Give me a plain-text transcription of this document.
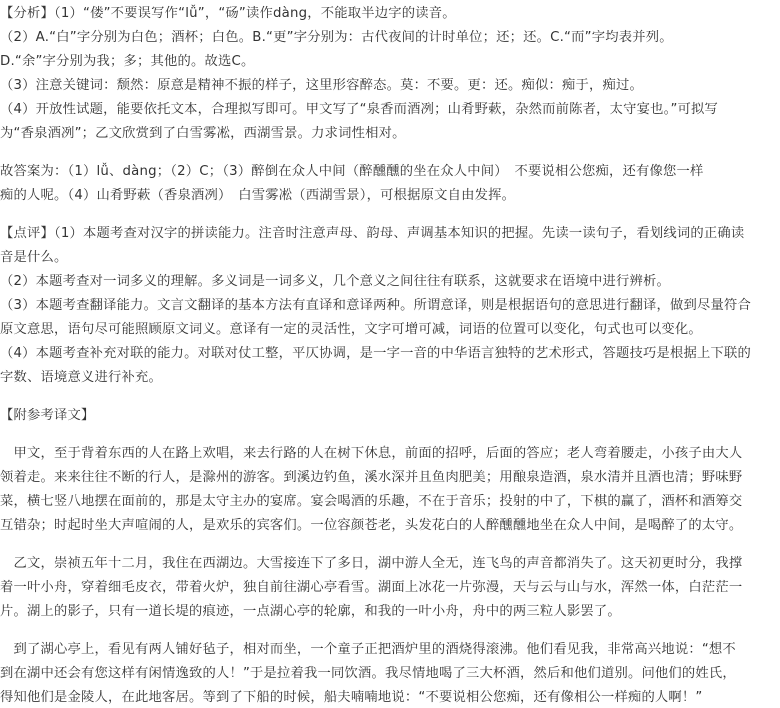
【分析】（1）“偻”不要误写作“lǚ”，“砀”读作dàng，不能取半边字的读音。
（2）A.“白”字分别为白色；酒杯；白色。B.“更”字分别为：古代夜间的计时单位；还；还。C.“而”字均表并列。
D.“余”字分别为我；多；其他的。故选C。
（3）注意关键词：颓然：原意是精神不振的样子，这里形容醉态。莫：不要。更：还。痴似：痴于，痴过。
（4）开放性试题，能要依托文本，合理拟写即可。甲文写了“泉香而酒冽；山肴野蔌，杂然而前陈者，太守宴也。”可拟写
为“香泉酒冽”；乙文欣赏到了白雪雾凇，西湖雪景。力求词性相对。
故答案为：（1）lǚ、dàng；（2）C；（3）醉倒在众人中间（醉醺醺的坐在众人中间）　不要说相公您痴，还有像您一样
痴的人呢。（4）山肴野蔌（香泉酒冽）　白雪雾凇（西湖雪景），可根据原文自由发挥。
【点评】（1）本题考查对汉字的拼读能力。注音时注意声母、韵母、声调基本知识的把握。先读一读句子，看划线词的正确读
音是什么。
（2）本题考查对一词多义的理解。多义词是一词多义，几个意义之间往往有联系，这就要求在语境中进行辨析。
（3）本题考查翻译能力。文言文翻译的基本方法有直译和意译两种。所谓意译，则是根据语句的意思进行翻译，做到尽量符合
原文意思，语句尽可能照顾原文词义。意译有一定的灵活性，文字可增可减，词语的位置可以变化，句式也可以变化。
（4）本题考查补充对联的能力。对联对仗工整，平仄协调，是一字一音的中华语言独特的艺术形式，答题技巧是根据上下联的
字数、语境意义进行补充。
【附参考译文】
　甲文，至于背着东西的人在路上欢唱，来去行路的人在树下休息，前面的招呼，后面的答应；老人弯着腰走，小孩子由大人
领着走。来来往往不断的行人，是滁州的游客。到溪边钓鱼，溪水深并且鱼肉肥美；用酿泉造酒，泉水清并且酒也清；野味野
菜，横七竖八地摆在面前的，那是太守主办的宴席。宴会喝酒的乐趣，不在于音乐；投射的中了，下棋的赢了，酒杯和酒筹交
互错杂；时起时坐大声喧闹的人，是欢乐的宾客们。一位容颜苍老，头发花白的人醉醺醺地坐在众人中间，是喝醉了的太守。
　乙文，崇祯五年十二月，我住在西湖边。大雪接连下了多日，湖中游人全无，连飞鸟的声音都消失了。这天初更时分，我撑
着一叶小舟，穿着细毛皮衣，带着火炉，独自前往湖心亭看雪。湖面上冰花一片弥漫，天与云与山与水，浑然一体，白茫茫一
片。湖上的影子，只有一道长堤的痕迹，一点湖心亭的轮廓，和我的一叶小舟，舟中的两三粒人影罢了。
　到了湖心亭上，看见有两人铺好毡子，相对而坐，一个童子正把酒炉里的酒烧得滚沸。他们看见我，非常高兴地说：“想不
到在湖中还会有您这样有闲情逸致的人！”于是拉着我一同饮酒。我尽情地喝了三大杯酒，然后和他们道别。问他们的姓氏，
得知他们是金陵人，在此地客居。等到了下船的时候，船夫喃喃地说：“不要说相公您痴，还有像相公一样痴的人啊！”
